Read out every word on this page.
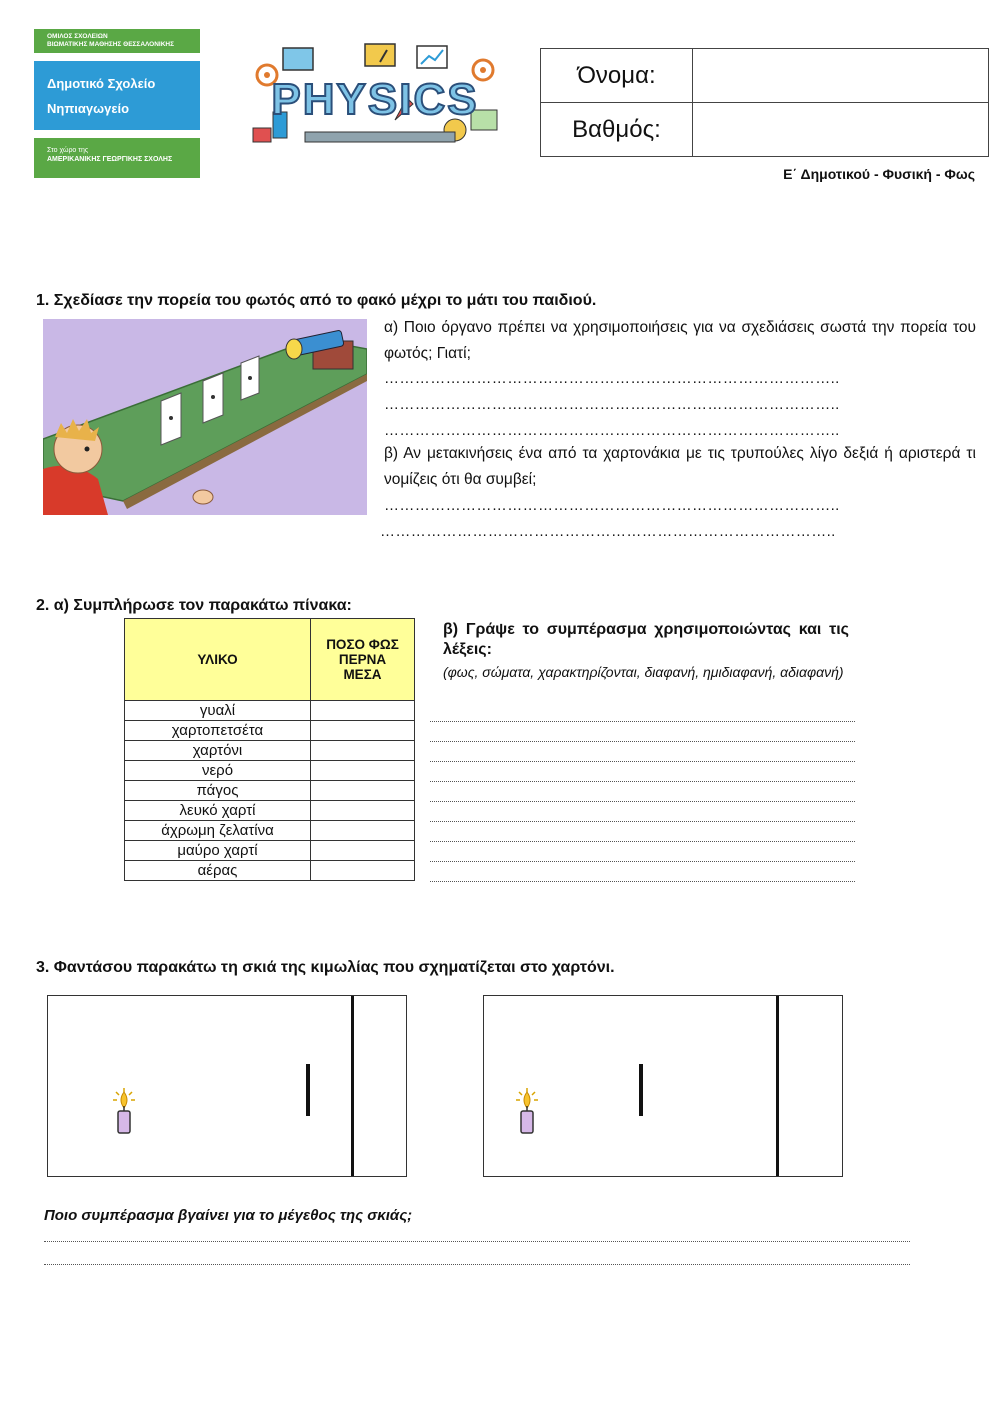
ΟΜΙΛΟΣ ΣΧΟΛΕΙΩΝ
ΒΙΩΜΑΤΙΚΗΣ ΜΑΘΗΣΗΣ ΘΕΣΣΑΛΟΝΙΚΗΣ
Δημοτικό Σχολείο
Νηπιαγωγείο
Στο χώρο της
ΑΜΕΡΙΚΑΝΙΚΗΣ ΓΕΩΡΓΙΚΗΣ ΣΧΟΛΗΣ
PHYSICS	Όνομα:	
Βαθμός:	
Ε΄ Δημοτικού - Φυσική - Φως
1. Σχεδίασε την πορεία του φωτός από το φακό μέχρι το μάτι του παιδιού.
α) Ποιο όργανο πρέπει να χρησιμοποιήσεις για να σχεδιάσεις σωστά την πορεία του φωτός; Γιατί;
……………………………………………………………………………..
……………………………………………………………………………..
……………………………………………………………………………..
β) Αν μετακινήσεις ένα από τα χαρτονάκια με τις τρυπούλες λίγο δεξιά ή αριστερά τι νομίζεις ότι θα συμβεί;
……………………………………………………………………………..
……………………………………………………………………………..
2. α) Συμπλήρωσε τον παρακάτω πίνακα:
ΥΛΙΚΟ	ΠΟΣΟ ΦΩΣ
ΠΕΡΝΑ
ΜΕΣΑ

γυαλί	
χαρτοπετσέτα	
χαρτόνι	
νερό	
πάγος	
λευκό χαρτί	
άχρωμη ζελατίνα	
μαύρο χαρτί	
αέρας	
β) Γράψε το συμπέρασμα χρησιμοποιώντας και τις λέξεις:
(φως, σώματα, χαρακτηρίζονται, διαφανή, ημιδιαφανή, αδιαφανή)
3. Φαντάσου παρακάτω τη σκιά της κιμωλίας που σχηματίζεται στο χαρτόνι.
Ποιο συμπέρασμα βγαίνει για το μέγεθος της σκιάς;
